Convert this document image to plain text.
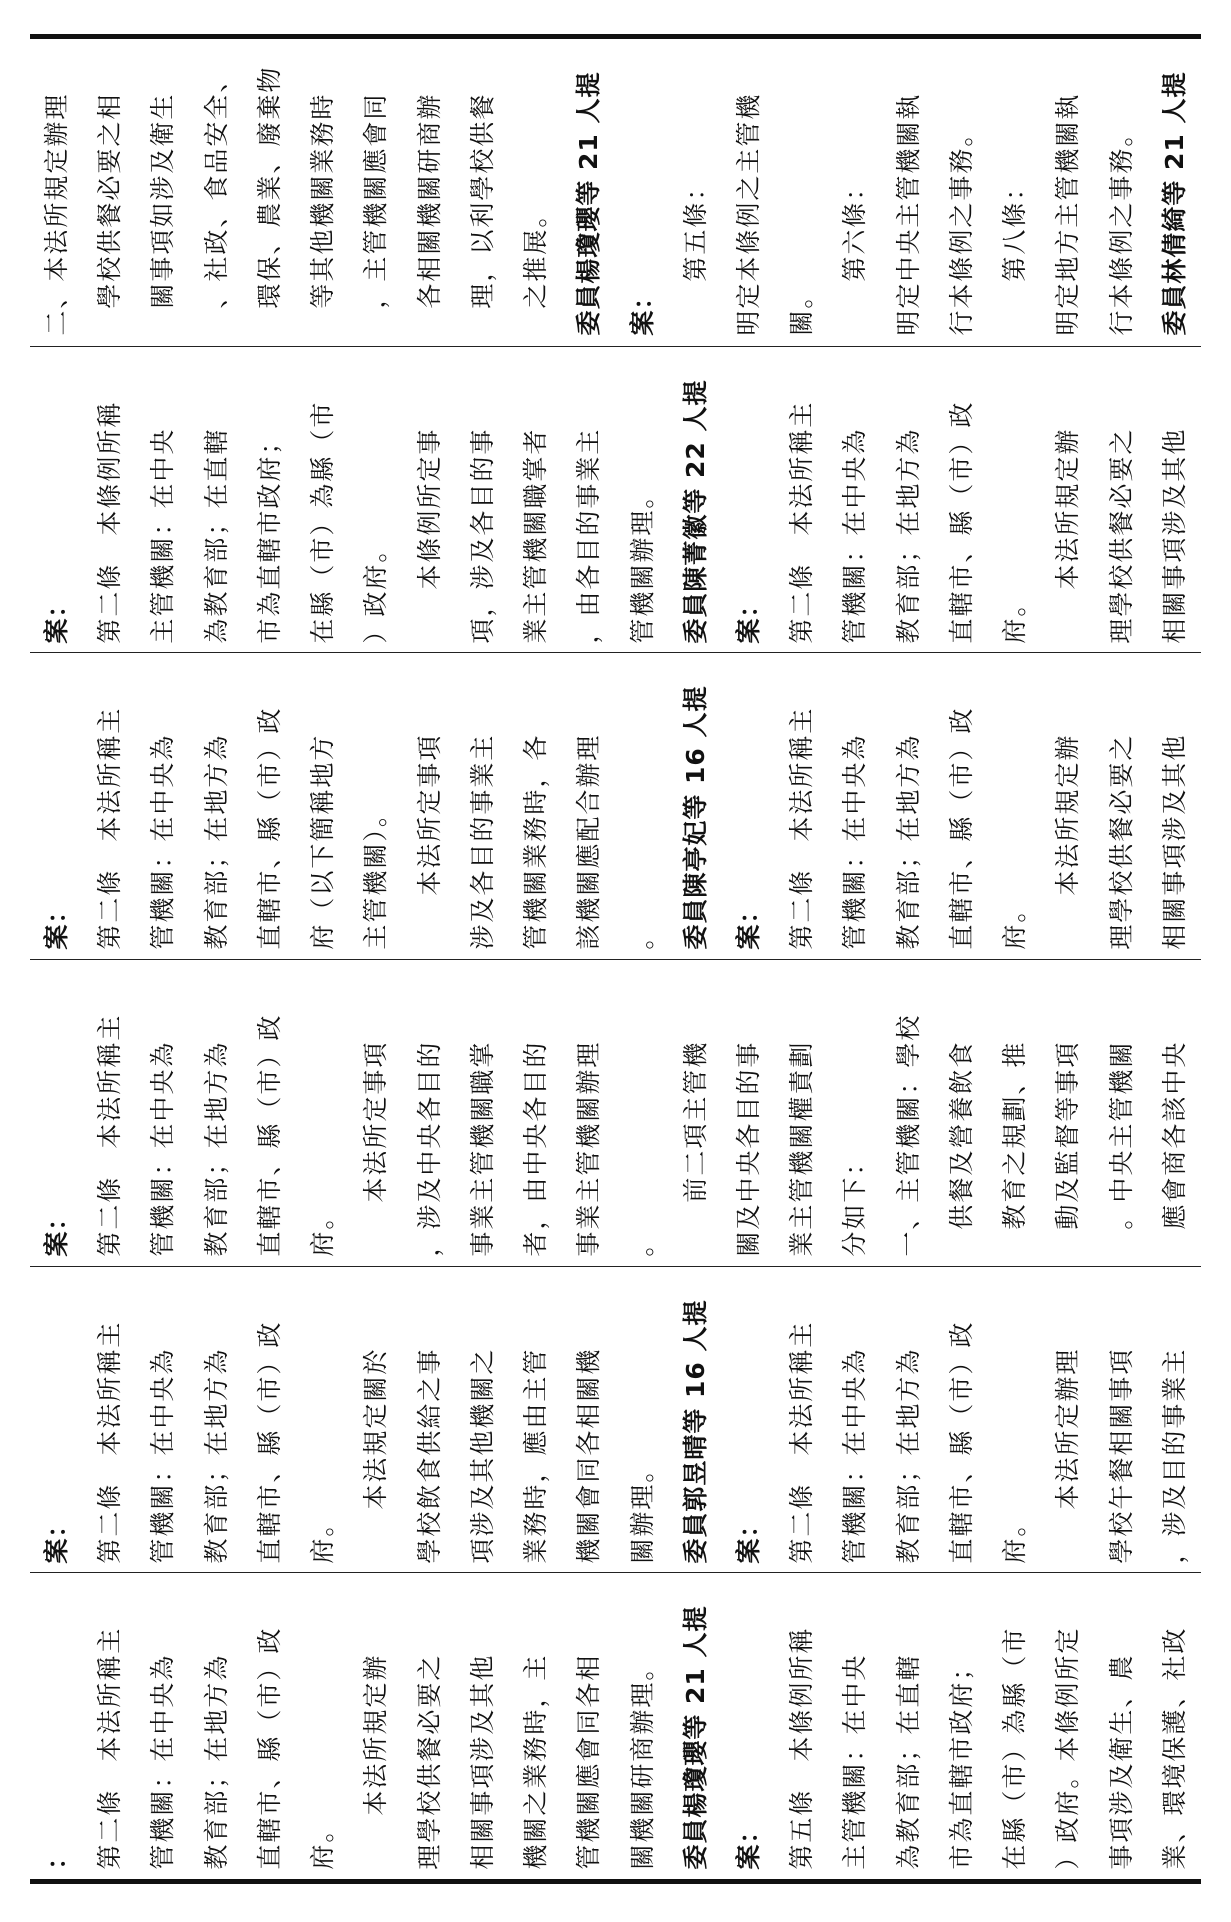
二、本法所規定辦理 　學校供餐必要之相 　關事項如涉及衛生 　、社政、食品安全、 　環保、農業、廢棄物 　等其他機關業務時 　，主管機關應會同 　各相關機關研商辦 　理，以利學校供餐 　之推展。 委員楊瓊瓔等 21 人提 案： 　　第五條： 明定本條例之主管機 關。 　　第六條： 明定中央主管機關執 行本條例之事務。 　　第八條： 明定地方主管機關執 行本條例之事務。 委員林倩綺等 21 人提
案： 第二條　本條例所稱 主管機關：在中央 為教育部；在直轄 市為直轄市政府； 在縣（市）為縣（市 ）政府。 　　本條例所定事 項，涉及各目的事 業主管機關職掌者 ，由各目的事業主 管機關辦理。 委員陳菁徽等 22 人提 案： 第二條　本法所稱主 管機關：在中央為 教育部；在地方為 直轄市、縣（市）政 府。 　　本法所規定辦 理學校供餐必要之 相關事項涉及其他
案： 第二條　本法所稱主 管機關：在中央為 教育部；在地方為 直轄市、縣（市）政 府（以下簡稱地方 主管機關）。 　　本法所定事項 涉及各目的事業主 管機關業務時，各 該機關應配合辦理 。 委員陳亭妃等 16 人提 案： 第二條　本法所稱主 管機關：在中央為 教育部；在地方為 直轄市、縣（市）政 府。 　　本法所規定辦 理學校供餐必要之 相關事項涉及其他
案： 第二條　本法所稱主 管機關：在中央為 教育部；在地方為 直轄市、縣（市）政 府。 　　本法所定事項 ，涉及中央各目的 事業主管機關職掌 者，由中央各目的 事業主管機關辦理 。 　　前二項主管機 關及中央各目的事 業主管機關權責劃 分如下： 一、主管機關：學校 　供餐及營養飲食 　教育之規劃、推 　動及監督等事項 　。中央主管機關 　應會商各該中央
案： 第二條　本法所稱主 管機關：在中央為 教育部；在地方為 直轄市、縣（市）政 府。 　　本法規定關於 學校飲食供給之事 項涉及其他機關之 業務時，應由主管 機關會同各相關機 關辦理。 委員郭昱晴等 16 人提 案： 第二條　本法所稱主 管機關：在中央為 教育部；在地方為 直轄市、縣（市）政 府。 　　本法所定辦理 學校午餐相關事項 ，涉及目的事業主
： 第二條　本法所稱主 管機關：在中央為 教育部；在地方為 直轄市、縣（市）政 府。 　　本法所規定辦 理學校供餐必要之 相關事項涉及其他 機關之業務時，主 管機關應會同各相 關機關研商辦理。 委員楊瓊瓔等 21 人提 案： 第五條　本條例所稱 主管機關：在中央 為教育部；在直轄 市為直轄市政府； 在縣（市）為縣（市 ）政府。本條例所定 事項涉及衛生、農 業、環境保護、社政
